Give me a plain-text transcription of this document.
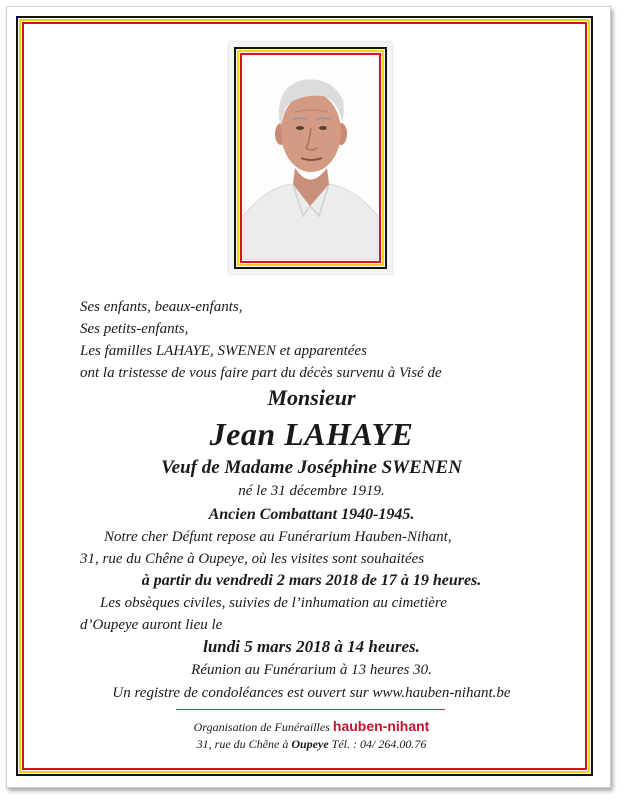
Ses enfants, beaux-enfants,
Ses petits-enfants,
Les familles LAHAYE, SWENEN et apparentées
ont la tristesse de vous faire part du décès survenu à Visé de
Monsieur
Jean LAHAYE
Veuf de Madame Joséphine SWENEN
né le 31 décembre 1919.
Ancien Combattant 1940-1945.
Notre cher Défunt repose au Funérarium Hauben-Nihant,
31, rue du Chêne à Oupeye, où les visites sont souhaitées
à partir du vendredi 2 mars 2018 de 17 à 19 heures.
Les obsèques civiles, suivies de l’inhumation au cimetière
d’Oupeye auront lieu le
lundi 5 mars 2018 à 14 heures.
Réunion au Funérarium à 13 heures 30.
Un registre de condoléances est ouvert sur www.hauben-nihant.be
Organisation de Funérailles hauben-nihant
31, rue du Chêne à Oupeye Tél. : 04/ 264.00.76
